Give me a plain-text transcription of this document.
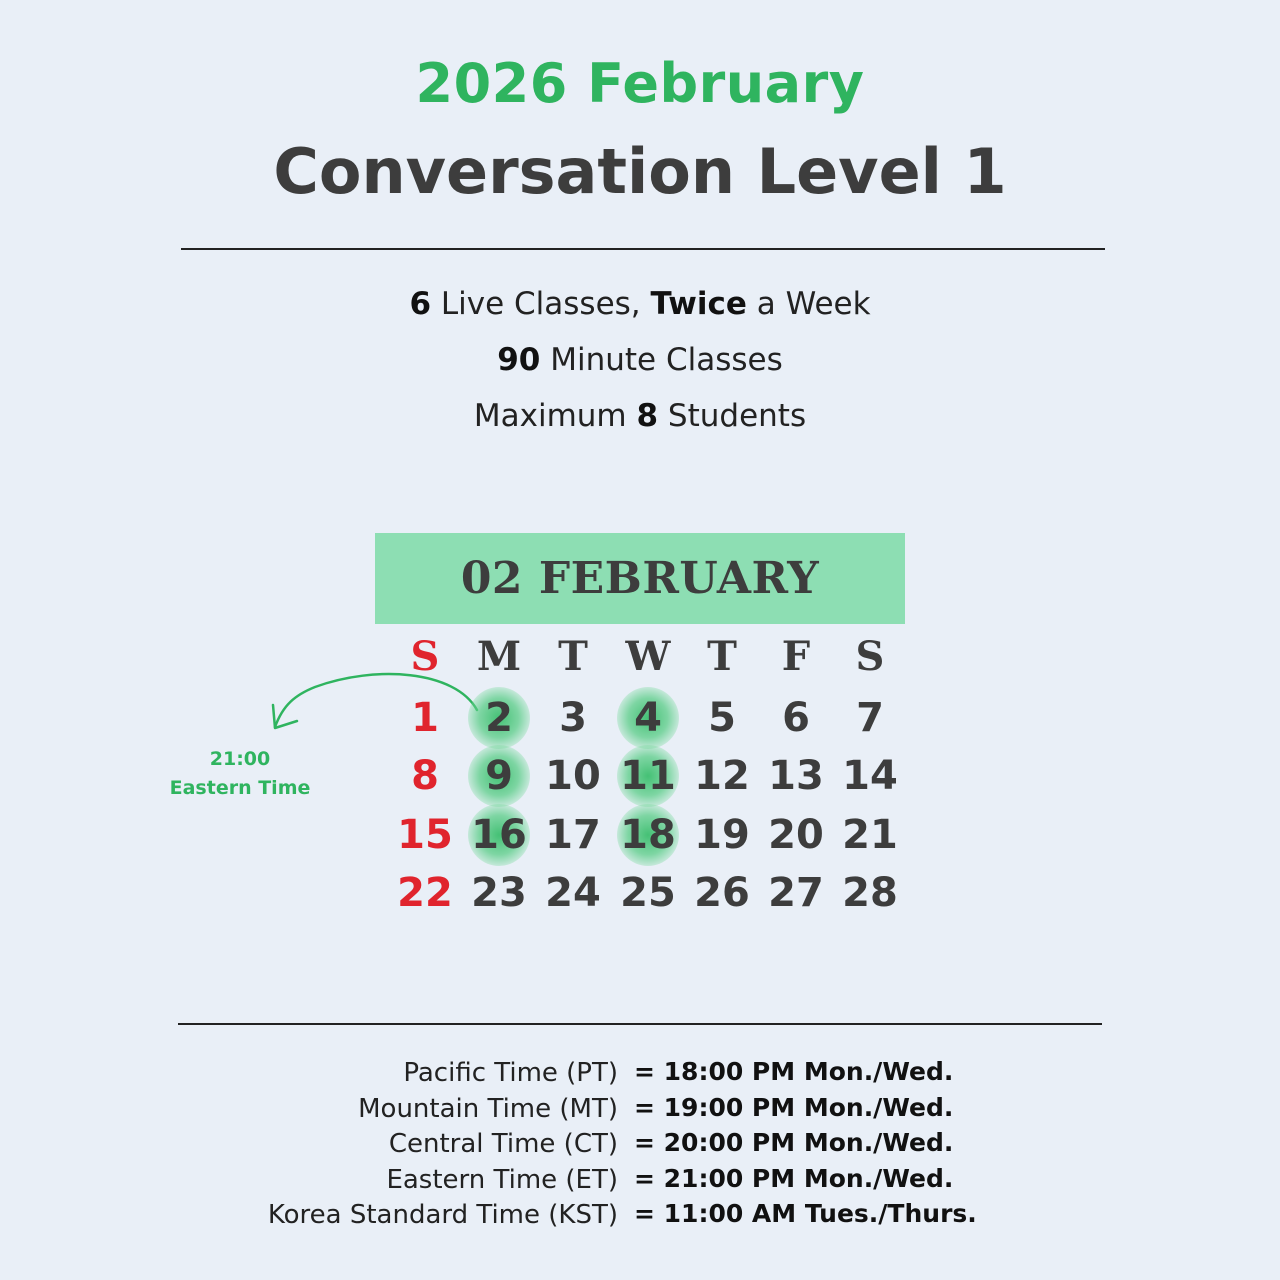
2026 February
Conversation Level 1
6 Live Classes, Twice a Week
90 Minute Classes
Maximum 8 Students
02 FEBRUARY
S M T W T	F	S
1 2 3 4 5 6 7
8 9 10 11 12 13 14
15 16 17 18 19 20 21
22 23 24 25 26 27 28
21:00
Eastern Time
Pacific Time (PT) = 18:00 PM Mon./Wed.
Mountain Time (MT) = 19:00 PM Mon./Wed.
Central Time (CT) = 20:00 PM Mon./Wed.
Eastern Time (ET) = 21:00 PM Mon./Wed.
Korea Standard Time (KST) = 11:00 AM Tues./Thurs.
